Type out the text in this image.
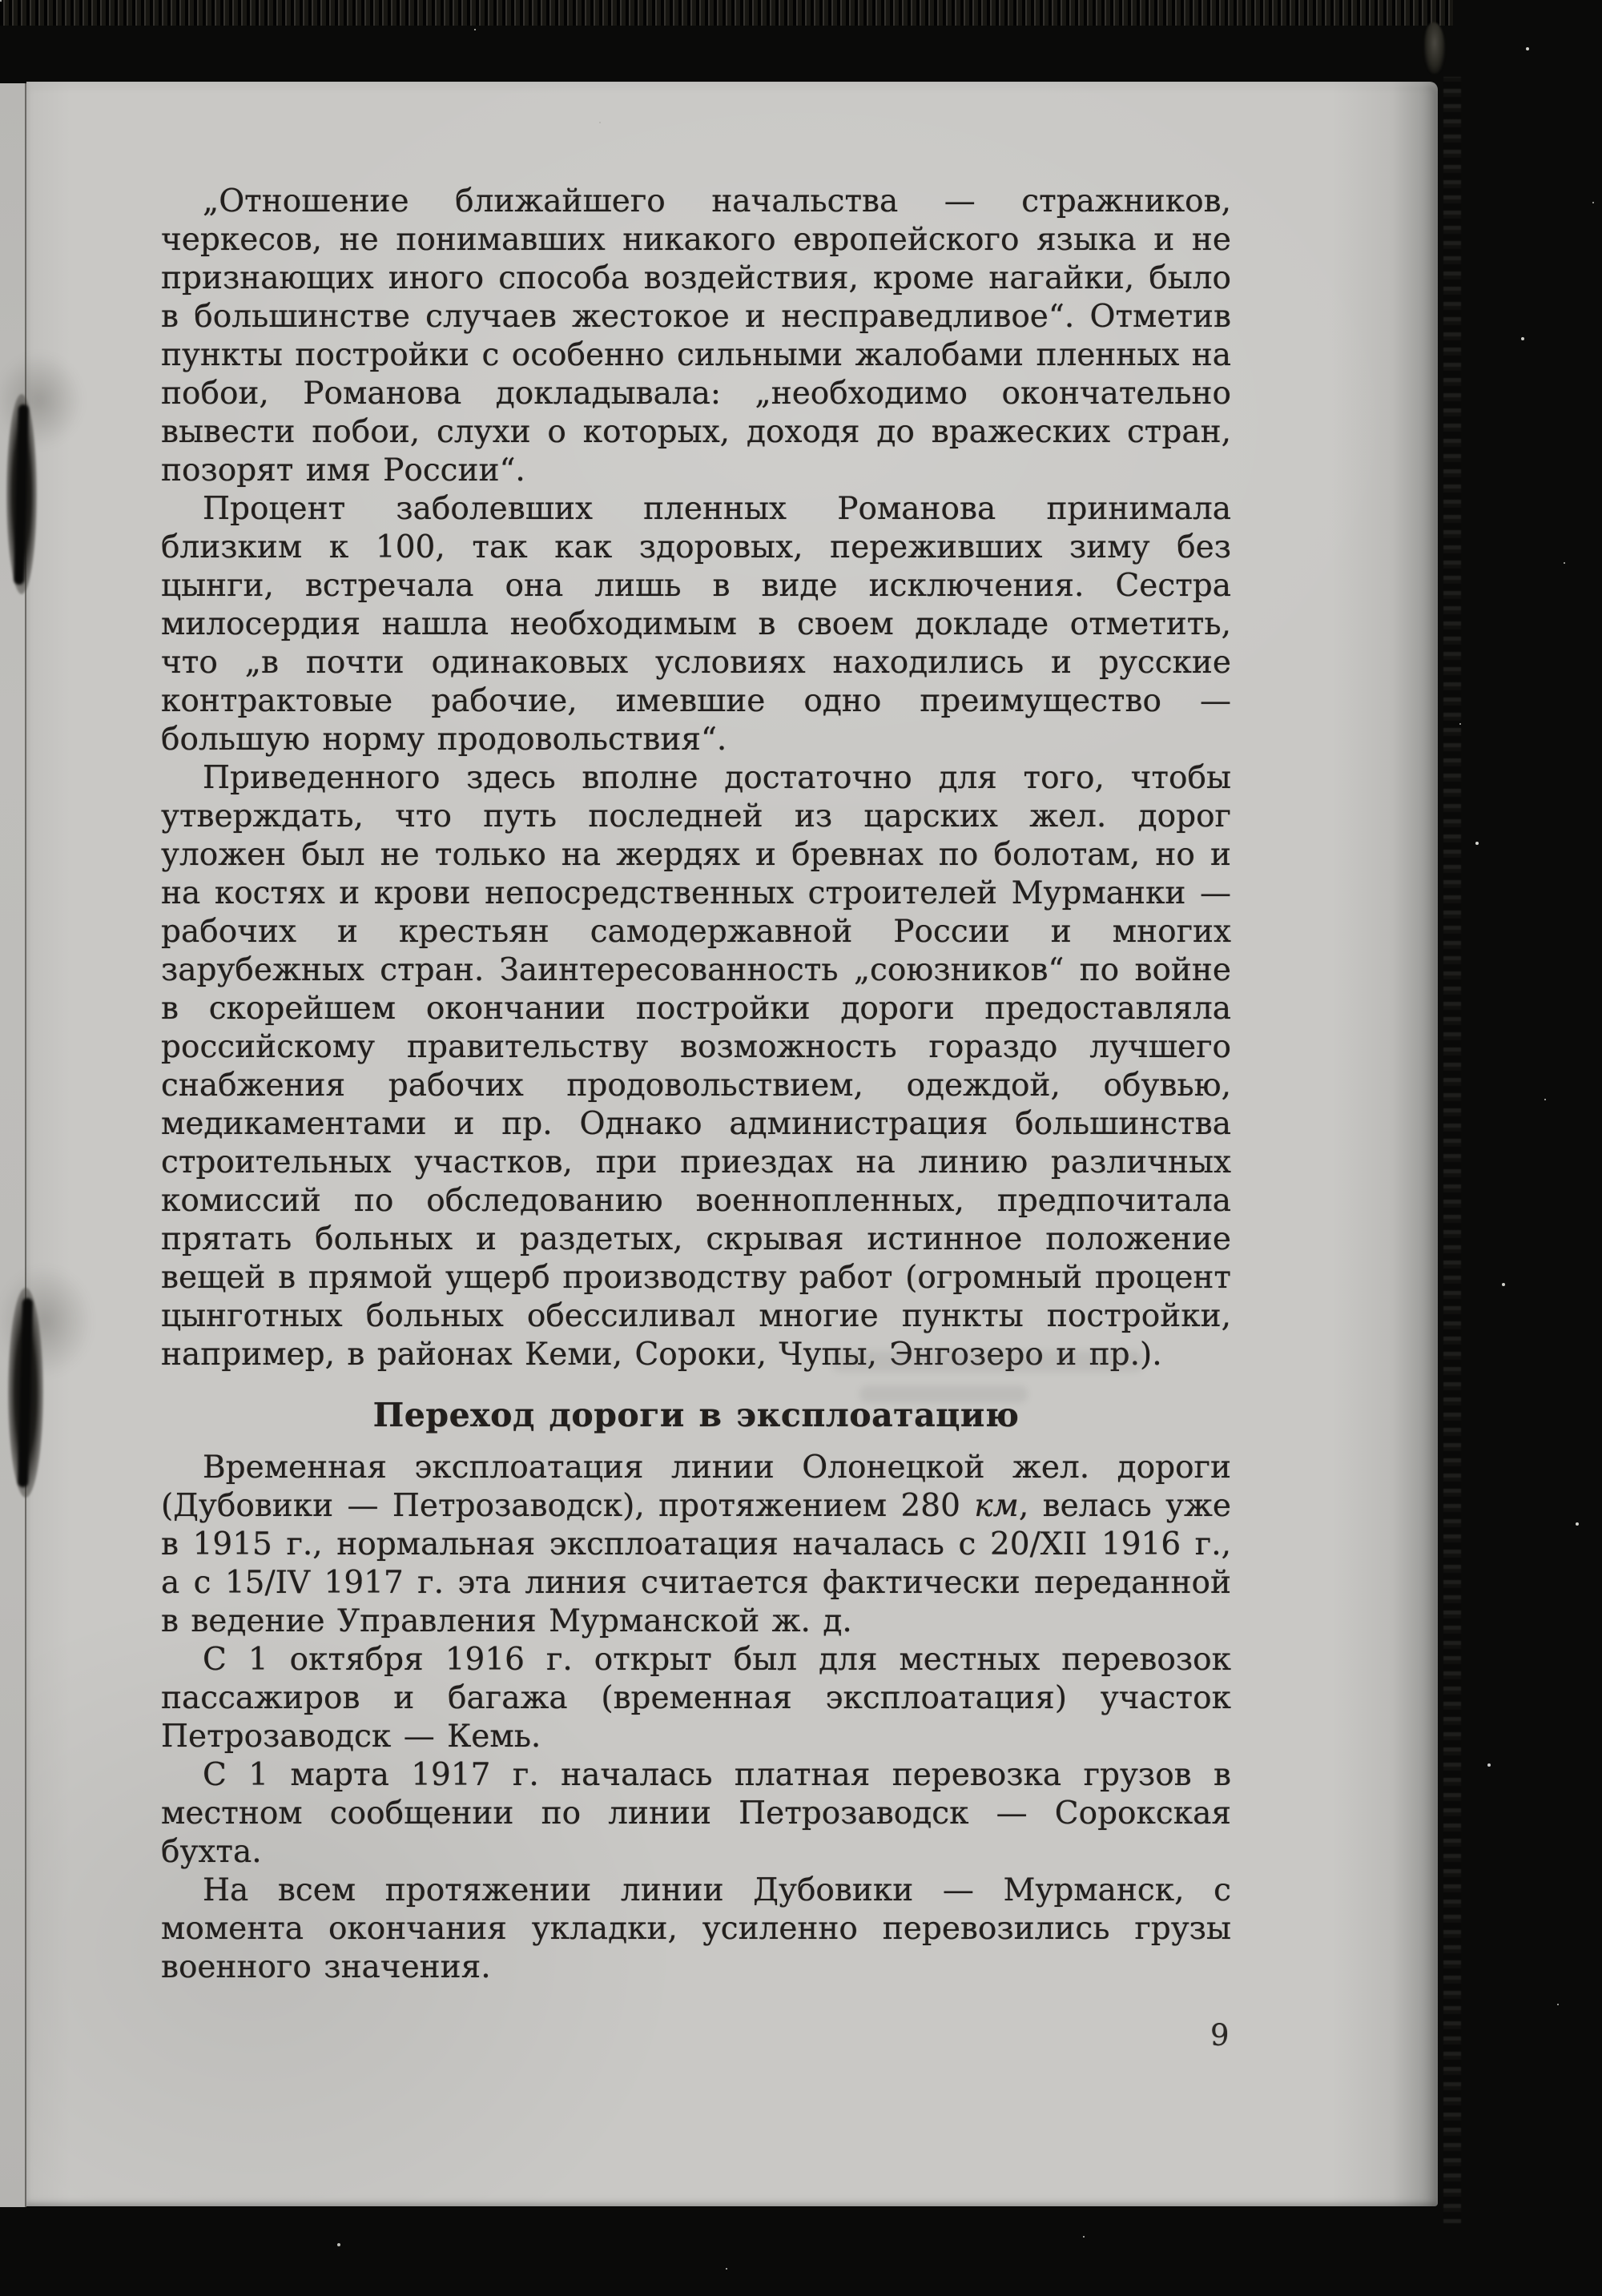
„Отношение ближайшего начальства — стражников, черкесов, не понимавших никакого европейского языка и не признающих иного способа воздействия, кроме нагайки, было в большинстве случаев жестокое и несправедливое“. Отметив пункты постройки с особенно сильными жалобами пленных на побои, Романова докладывала: „необходимо окончательно вывести побои, слухи о которых, доходя до вражеских стран, позорят имя России“.

Процент заболевших пленных Романова принимала близким к 100, так как здоровых, переживших зиму без цынги, встречала она лишь в виде исключения. Сестра милосердия нашла необходимым в своем докладе отметить, что „в почти одинаковых условиях находились и русские контрактовые рабочие, имевшие одно преимущество — большую норму продовольствия“.

Приведенного здесь вполне достаточно для того, чтобы утверждать, что путь последней из царских жел. дорог уложен был не только на жердях и бревнах по болотам, но и на костях и крови непосредственных строителей Мурманки — рабочих и крестьян самодержавной России и многих зарубежных стран. Заинтересованность „союзников“ по войне в скорейшем окончании постройки дороги предоставляла российскому правительству возможность гораздо лучшего снабжения рабочих продовольствием, одеждой, обувью, медикаментами и пр. Однако администрация большинства строительных участков, при приездах на линию различных комиссий по обследованию военнопленных, предпочитала прятать больных и раздетых, скрывая истинное положение вещей в прямой ущерб производству работ (огромный процент цынготных больных обессиливал многие пункты постройки, например, в районах Кеми, Сороки, Чупы, Энгозеро и пр.).

Переход дороги в эксплоатацию

Временная эксплоатация линии Олонецкой жел. дороги (Дубовики — Петрозаводск), протяжением 280 км, велась уже в 1915 г., нормальная эксплоатация началась с 20/XII 1916 г., а с 15/IV 1917 г. эта линия считается фактически переданной в ведение Управления Мурманской ж. д.

С 1 октября 1916 г. открыт был для местных перевозок пассажиров и багажа (временная эксплоатация) участок Петрозаводск — Кемь.

С 1 марта 1917 г. началась платная перевозка грузов в местном сообщении по линии Петрозаводск — Сорокская бухта.

На всем протяжении линии Дубовики — Мурманск, с момента окончания укладки, усиленно перевозились грузы военного значения.

9
